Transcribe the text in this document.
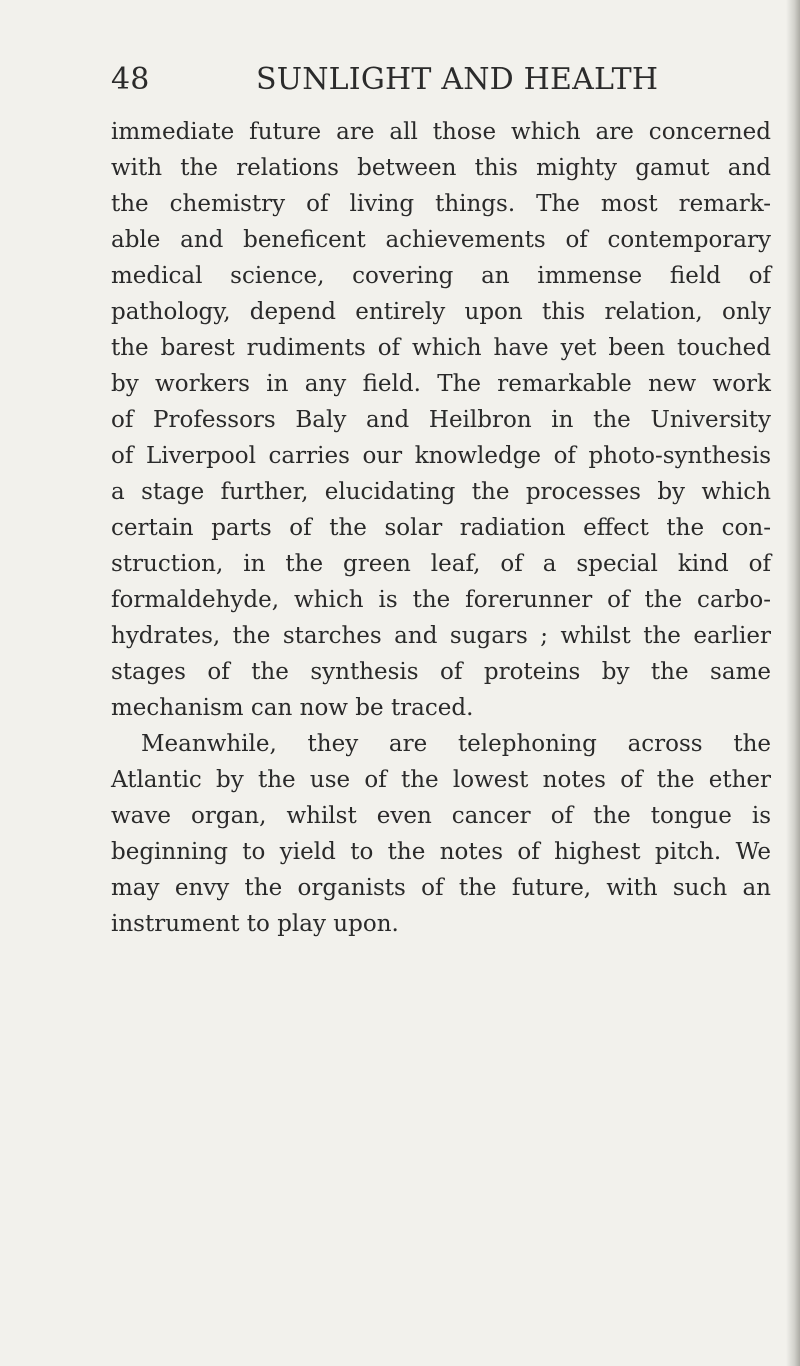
48	SUNLIGHT AND HEALTH
immediate future are all those which are concerned
with the relations between this mighty gamut and
the chemistry of living things. The most remark-
able and beneficent achievements of contemporary
medical science, covering an immense field of
pathology, depend entirely upon this relation, only
the barest rudiments of which have yet been touched
by workers in any field. The remarkable new work
of Professors Baly and Heilbron in the University
of Liverpool carries our knowledge of photo-synthesis
a stage further, elucidating the processes by which
certain parts of the solar radiation effect the con-
struction, in the green leaf, of a special kind of
formaldehyde, which is the forerunner of the carbo-
hydrates, the starches and sugars ; whilst the earlier
stages of the synthesis of proteins by the same
mechanism can now be traced.
Meanwhile, they are telephoning across the
Atlantic by the use of the lowest notes of the ether
wave organ, whilst even cancer of the tongue is
beginning to yield to the notes of highest pitch. We
may envy the organists of the future, with such an
instrument to play upon.
